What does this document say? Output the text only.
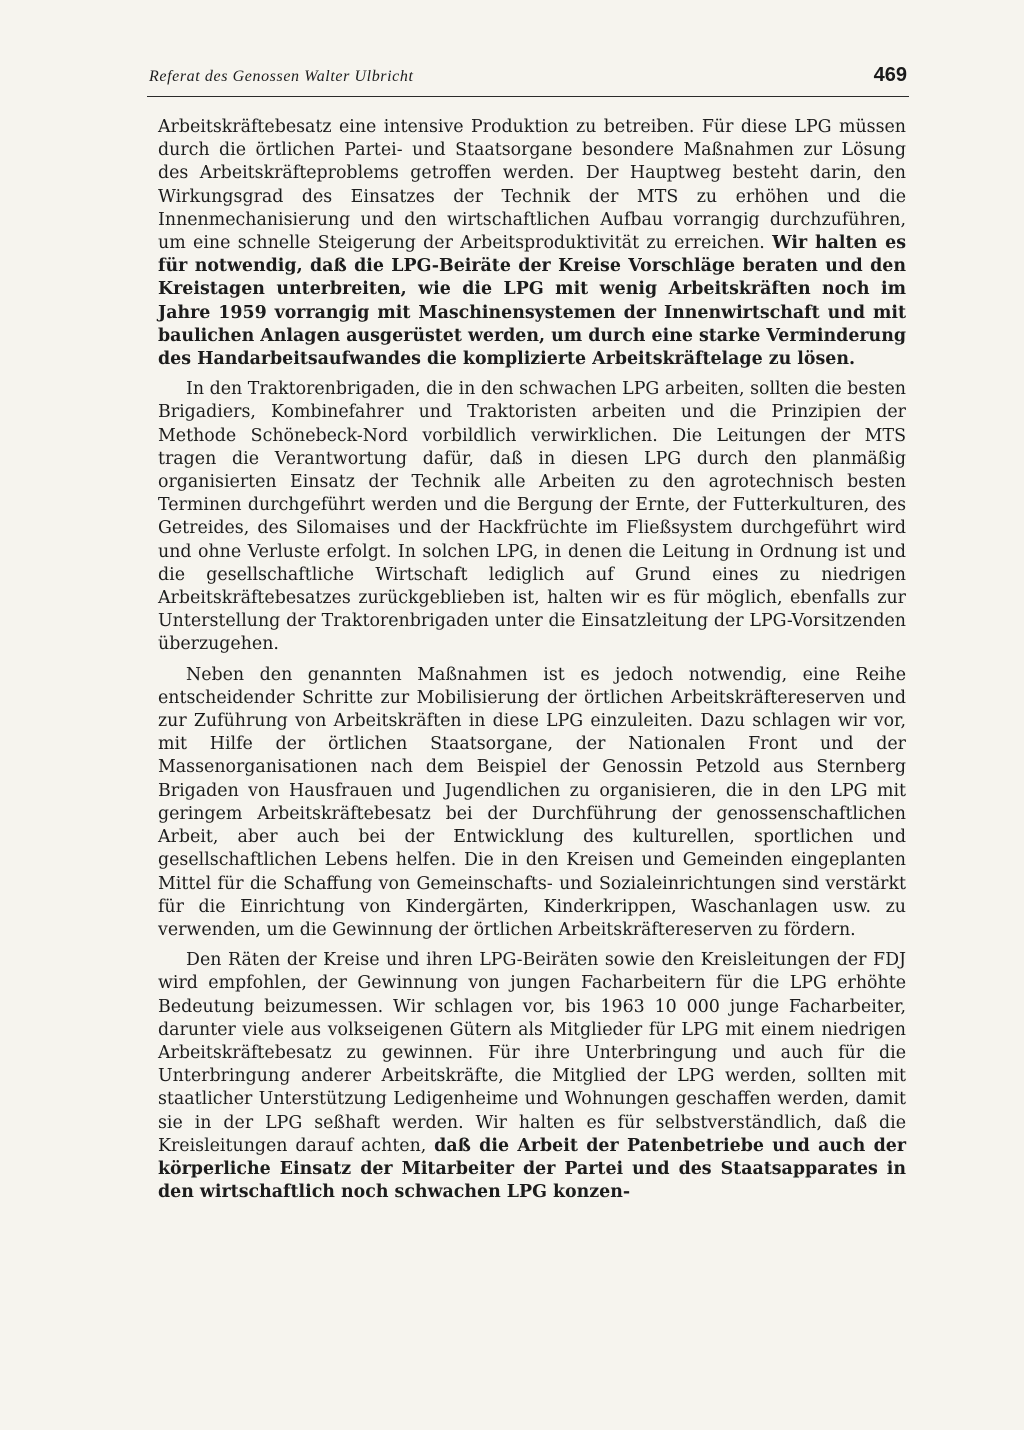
Referat des Genossen Walter Ulbricht	469

Arbeitskräftebesatz eine intensive Produktion zu betreiben. Für diese LPG müssen durch die örtlichen Partei- und Staatsorgane besondere Maßnahmen zur Lösung des Arbeitskräfteproblems getroffen werden. Der Hauptweg besteht darin, den Wirkungsgrad des Einsatzes der Technik der MTS zu erhöhen und die Innenmechanisierung und den wirtschaftlichen Aufbau vorrangig durchzuführen, um eine schnelle Steigerung der Arbeitsproduktivität zu erreichen. Wir halten es für notwendig, daß die LPG-Beiräte der Kreise Vorschläge beraten und den Kreistagen unterbreiten, wie die LPG mit wenig Arbeitskräften noch im Jahre 1959 vorrangig mit Maschinensystemen der Innenwirtschaft und mit baulichen Anlagen ausgerüstet werden, um durch eine starke Verminderung des Handarbeitsaufwandes die komplizierte Arbeitskräftelage zu lösen.

In den Traktorenbrigaden, die in den schwachen LPG arbeiten, sollten die besten Brigadiers, Kombinefahrer und Traktoristen arbeiten und die Prinzipien der Methode Schönebeck-Nord vorbildlich verwirklichen. Die Leitungen der MTS tragen die Verantwortung dafür, daß in diesen LPG durch den planmäßig organisierten Einsatz der Technik alle Arbeiten zu den agrotechnisch besten Terminen durchgeführt werden und die Bergung der Ernte, der Futterkulturen, des Getreides, des Silomaises und der Hackfrüchte im Fließsystem durchgeführt wird und ohne Verluste erfolgt. In solchen LPG, in denen die Leitung in Ordnung ist und die gesellschaftliche Wirtschaft lediglich auf Grund eines zu niedrigen Arbeitskräftebesatzes zurückgeblieben ist, halten wir es für möglich, ebenfalls zur Unterstellung der Traktorenbrigaden unter die Einsatzleitung der LPG-Vorsitzenden überzugehen.

Neben den genannten Maßnahmen ist es jedoch notwendig, eine Reihe entscheidender Schritte zur Mobilisierung der örtlichen Arbeitskräftereserven und zur Zuführung von Arbeitskräften in diese LPG einzuleiten. Dazu schlagen wir vor, mit Hilfe der örtlichen Staatsorgane, der Nationalen Front und der Massenorganisationen nach dem Beispiel der Genossin Petzold aus Sternberg Brigaden von Hausfrauen und Jugendlichen zu organisieren, die in den LPG mit geringem Arbeitskräftebesatz bei der Durchführung der genossenschaftlichen Arbeit, aber auch bei der Entwicklung des kulturellen, sportlichen und gesellschaftlichen Lebens helfen. Die in den Kreisen und Gemeinden eingeplanten Mittel für die Schaffung von Gemeinschafts- und Sozialeinrichtungen sind verstärkt für die Einrichtung von Kindergärten, Kinderkrippen, Waschanlagen usw. zu verwenden, um die Gewinnung der örtlichen Arbeitskräftereserven zu fördern.

Den Räten der Kreise und ihren LPG-Beiräten sowie den Kreisleitungen der FDJ wird empfohlen, der Gewinnung von jungen Facharbeitern für die LPG erhöhte Bedeutung beizumessen. Wir schlagen vor, bis 1963 10 000 junge Facharbeiter, darunter viele aus volkseigenen Gütern als Mitglieder für LPG mit einem niedrigen Arbeitskräftebesatz zu gewinnen. Für ihre Unterbringung und auch für die Unterbringung anderer Arbeitskräfte, die Mitglied der LPG werden, sollten mit staatlicher Unterstützung Ledigenheime und Wohnungen geschaffen werden, damit sie in der LPG seßhaft werden. Wir halten es für selbstverständlich, daß die Kreisleitungen darauf achten, daß die Arbeit der Patenbetriebe und auch der körperliche Einsatz der Mitarbeiter der Partei und des Staatsapparates in den wirtschaftlich noch schwachen LPG konzen-
